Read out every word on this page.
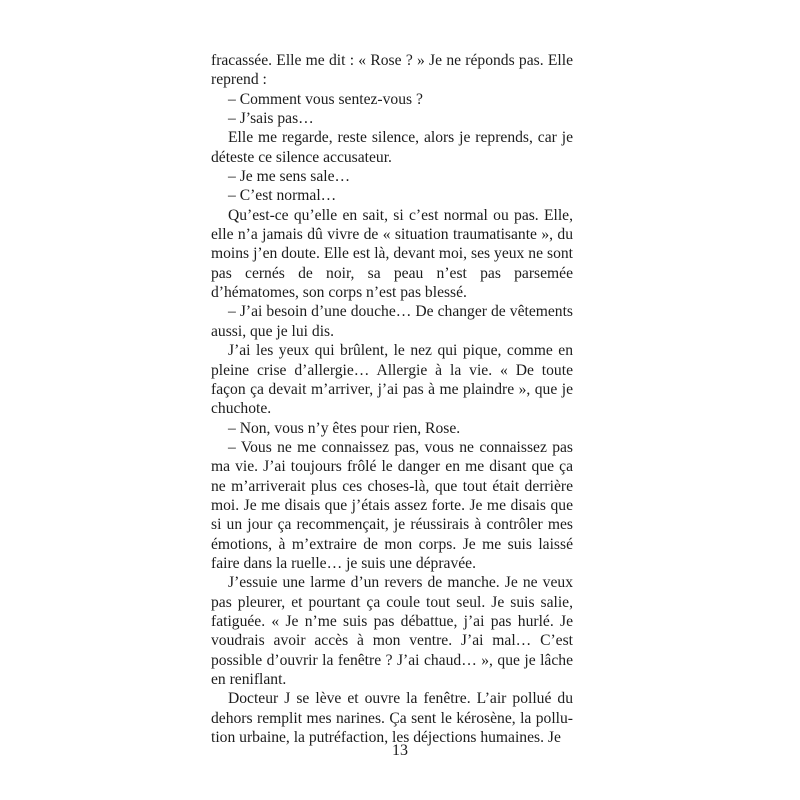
fracassée. Elle me dit : « Rose ? » Je ne réponds pas. Elle reprend :

– Comment vous sentez-vous ?

– J’sais pas…

Elle me regarde, reste silence, alors je reprends, car je déteste ce silence accusateur.

– Je me sens sale…

– C’est normal…

Qu’est-ce qu’elle en sait, si c’est normal ou pas. Elle, elle n’a jamais dû vivre de « situation traumatisante », du moins j’en doute. Elle est là, devant moi, ses yeux ne sont pas cernés de noir, sa peau n’est pas parsemée d’hématomes, son corps n’est pas blessé.

– J’ai besoin d’une douche… De changer de vêtements aussi, que je lui dis.

J’ai les yeux qui brûlent, le nez qui pique, comme en pleine crise d’allergie… Allergie à la vie. « De toute façon ça devait m’arriver, j’ai pas à me plaindre », que je chuchote.

– Non, vous n’y êtes pour rien, Rose.

– Vous ne me connaissez pas, vous ne connaissez pas ma vie. J’ai toujours frôlé le danger en me disant que ça ne m’arriverait plus ces choses-là, que tout était derrière moi. Je me disais que j’étais assez forte. Je me disais que si un jour ça recommençait, je réussirais à contrôler mes émotions, à m’extraire de mon corps. Je me suis laissé faire dans la ruelle… je suis une dépravée.

J’essuie une larme d’un revers de manche. Je ne veux pas pleurer, et pourtant ça coule tout seul. Je suis salie, fatiguée. « Je n’me suis pas débattue, j’ai pas hurlé. Je voudrais avoir accès à mon ventre. J’ai mal… C’est possible d’ouvrir la fenêtre ? J’ai chaud… », que je lâche en reniflant.

Docteur J se lève et ouvre la fenêtre. L’air pollué du dehors remplit mes narines. Ça sent le kérosène, la pollution urbaine, la putréfaction, les déjections humaines. Je

13
